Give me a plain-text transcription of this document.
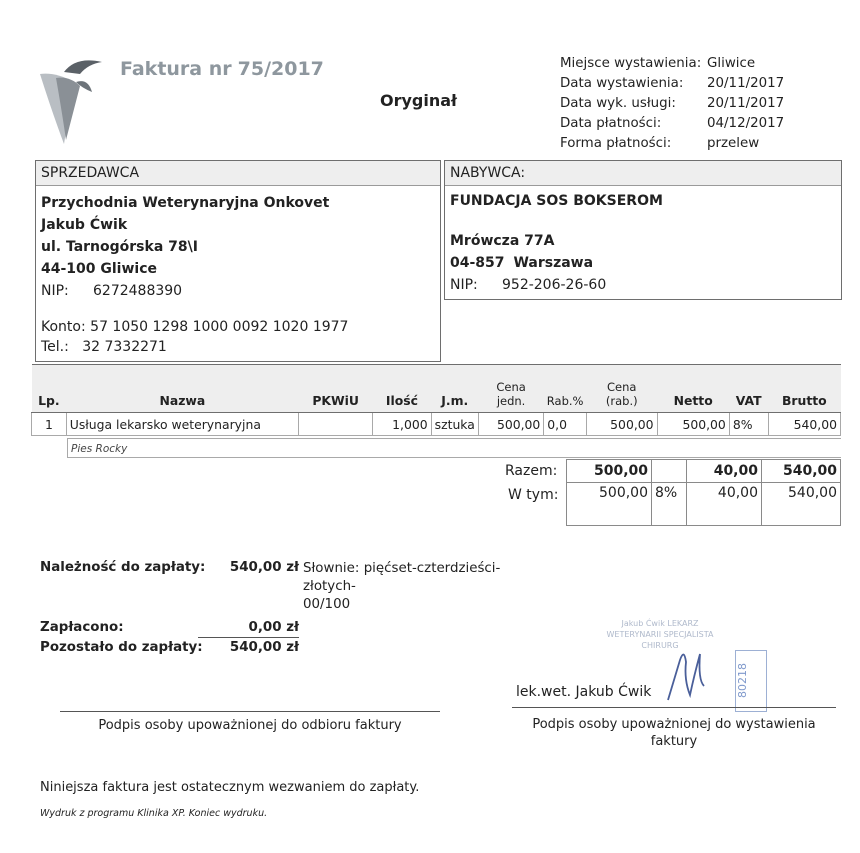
Faktura nr 75/2017
Oryginał
Miejsce wystawienia: Gliwice
Data wystawienia:	20/11/2017
Data wyk. usługi:	20/11/2017
Data płatności:	04/12/2017
Forma płatności:	przelew
SPRZEDAWCA
Przychodnia Weterynaryjna Onkovet
Jakub Ćwik
ul. Tarnogórska 78\I
44-100 Gliwice
NIP: 6272488390
Konto: 57 1050 1298 1000 0092 1020 1977
Tel.: 32 7332271
NABYWCA:
FUNDACJA SOS BOKSEROM
Mrówcza 77A
04-857 Warszawa
NIP: 952-206-26-60
Lp.	Nazwa	PKWiU	Ilość	J.m.	Cena jedn.	Rab.%	Cena (rab.)	Netto	VAT	Brutto
1	Usługa lekarsko weterynaryjna		1,000	sztuka	500,00	0,0	500,00	500,00	8%	540,00
Pies Rocky
Razem:
W tym:
500,00		40,00	540,00
500,00	8%	40,00	540,00
Należność do zapłaty:	540,00 zł Słownie: pięćset-czterdzieści-złotych-
00/100
Zapłacono:	0,00 zł
Pozostało do zapłaty:	540,00 zł
Jakub Ćwik LEKARZ WETERYNARII SPECJALISTA CHIRURG
80218
lek.wet. Jakub Ćwik
Podpis osoby upoważnionej do odbioru faktury	Podpis osoby upoważnionej do wystawienia
faktury
Niniejsza faktura jest ostatecznym wezwaniem do zapłaty.
Wydruk z programu Klinika XP. Koniec wydruku.
